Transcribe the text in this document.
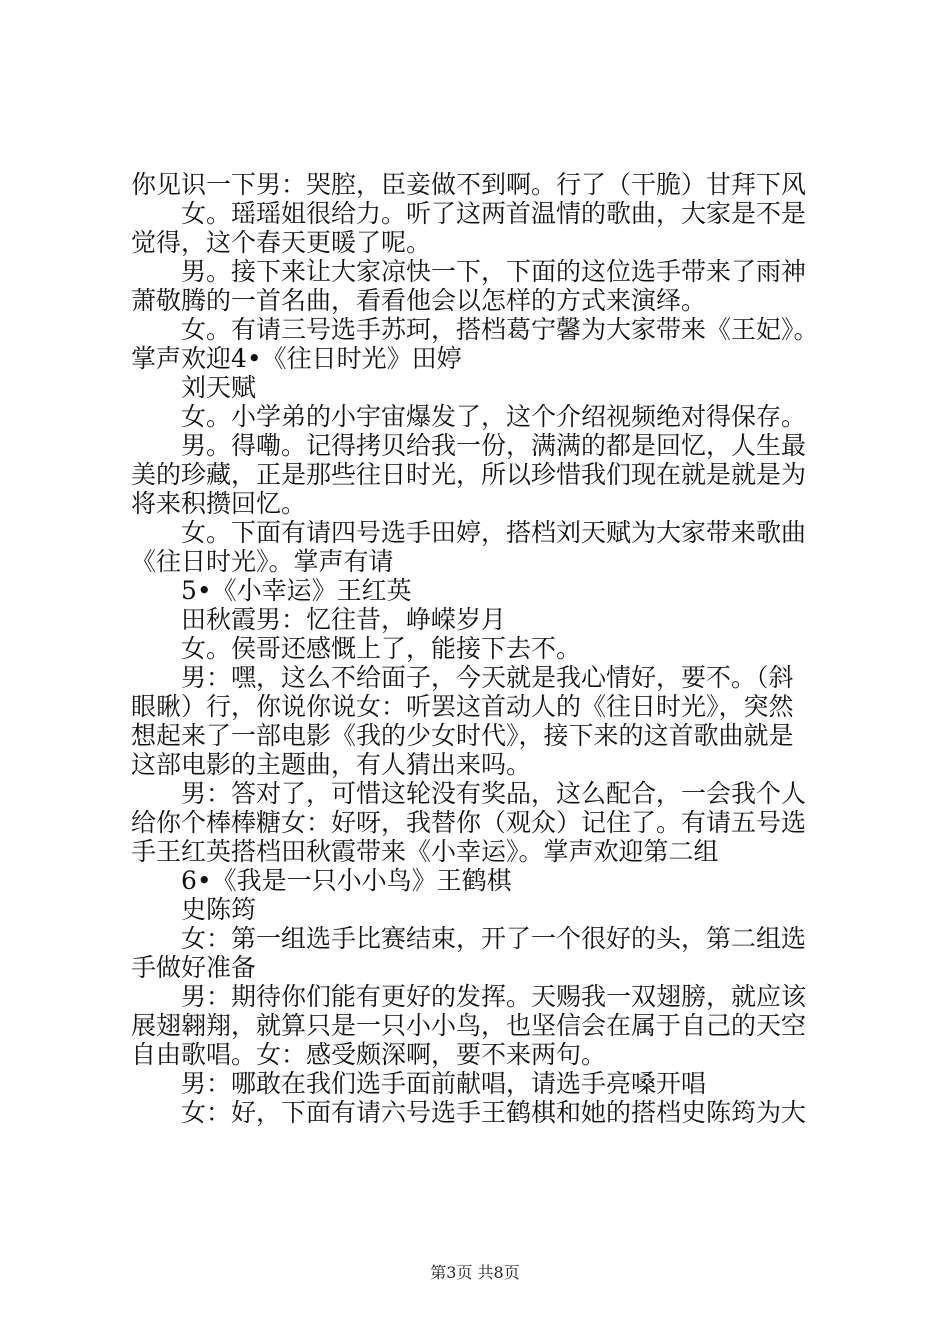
你见识一下男：哭腔，臣妾做不到啊。行了（干脆）甘拜下风
女。瑶瑶姐很给力。听了这两首温情的歌曲，大家是不是
觉得，这个春天更暖了呢。
男。接下来让大家凉快一下，下面的这位选手带来了雨神
萧敬腾的一首名曲，看看他会以怎样的方式来演绎。
女。有请三号选手苏珂，搭档葛宁馨为大家带来《王妃》。
掌声欢迎4•《往日时光》田婷
刘天赋
女。小学弟的小宇宙爆发了，这个介绍视频绝对得保存。
男。得嘞。记得拷贝给我一份，满满的都是回忆，人生最
美的珍藏，正是那些往日时光，所以珍惜我们现在就是就是为
将来积攒回忆。
女。下面有请四号选手田婷，搭档刘天赋为大家带来歌曲
《往日时光》。掌声有请
5•《小幸运》王红英
田秋霞男：忆往昔，峥嵘岁月
女。侯哥还感慨上了，能接下去不。
男：嘿，这么不给面子，今天就是我心情好，要不。（斜
眼瞅）行，你说你说女：听罢这首动人的《往日时光》，突然
想起来了一部电影《我的少女时代》，接下来的这首歌曲就是
这部电影的主题曲，有人猜出来吗。
男：答对了，可惜这轮没有奖品，这么配合，一会我个人
给你个棒棒糖女：好呀，我替你（观众）记住了。有请五号选
手王红英搭档田秋霞带来《小幸运》。掌声欢迎第二组
6•《我是一只小小鸟》王鹤棋
史陈筠
女：第一组选手比赛结束，开了一个很好的头，第二组选
手做好准备
男：期待你们能有更好的发挥。天赐我一双翅膀，就应该
展翅翱翔，就算只是一只小小鸟，也坚信会在属于自己的天空
自由歌唱。女：感受颇深啊，要不来两句。
男：哪敢在我们选手面前献唱，请选手亮嗓开唱
女：好，下面有请六号选手王鹤棋和她的搭档史陈筠为大
第3页 共8页
